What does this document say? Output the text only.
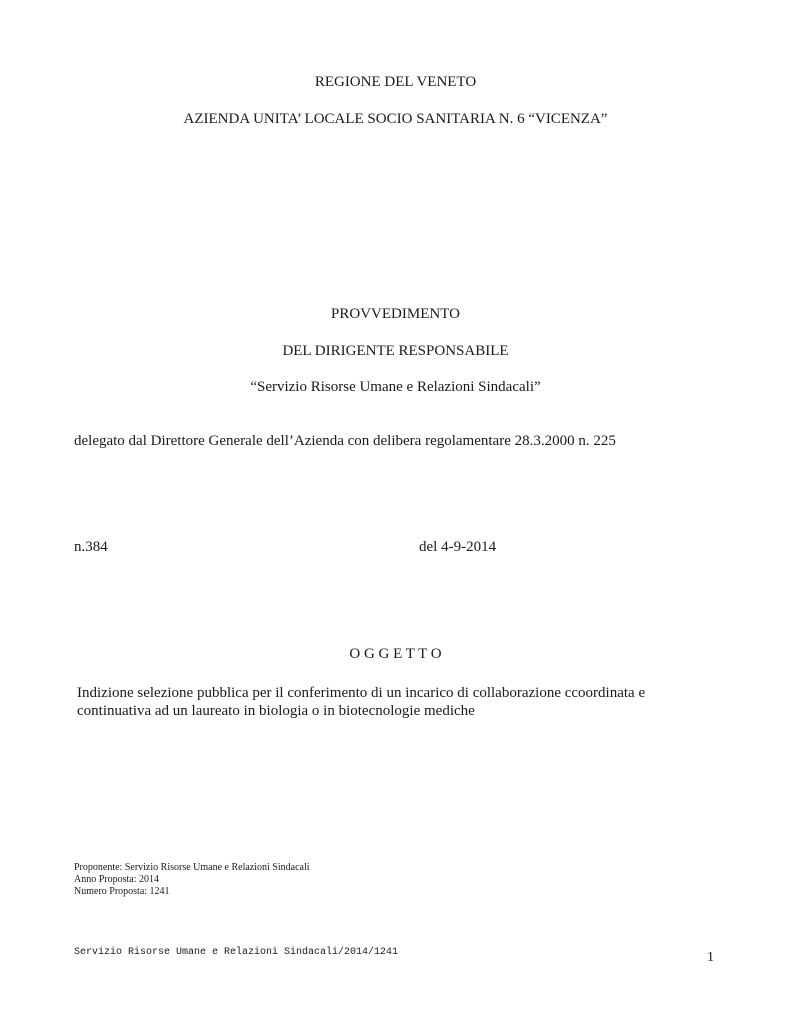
REGIONE DEL VENETO
AZIENDA UNITA’ LOCALE SOCIO SANITARIA N. 6 “VICENZA”
PROVVEDIMENTO
DEL DIRIGENTE RESPONSABILE
“Servizio Risorse Umane e Relazioni Sindacali”
delegato dal Direttore Generale dell’Azienda con delibera regolamentare 28.3.2000 n. 225
n.384	del 4-9-2014
O G G E T T O
Indizione selezione pubblica per il conferimento di un incarico di collaborazione ccoordinata e
continuativa ad un laureato in biologia o in biotecnologie mediche
Proponente: Servizio Risorse Umane e Relazioni Sindacali
Anno Proposta: 2014
Numero Proposta: 1241
Servizio Risorse Umane e Relazioni Sindacali/2014/1241	1
